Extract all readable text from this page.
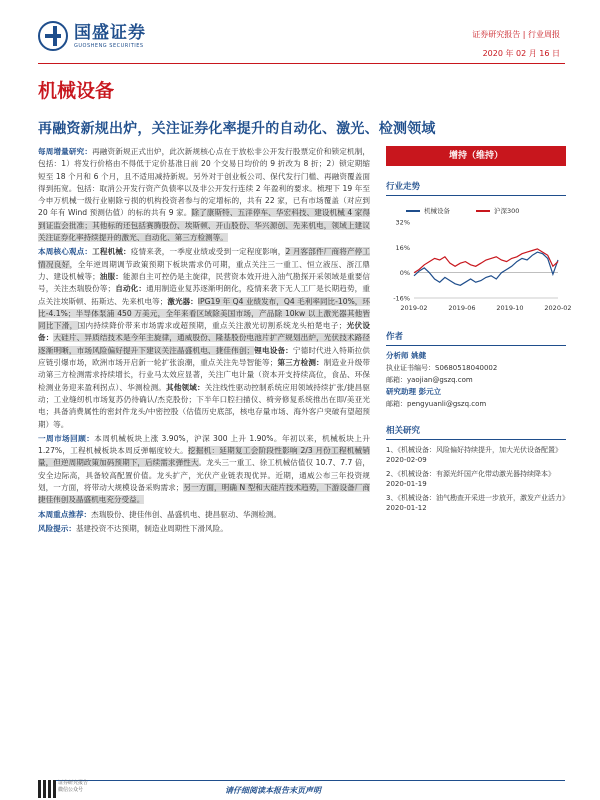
国盛证券
GUOSHENG SECURITIES
证券研究报告 | 行业周报
2020 年 02 月 16 日
机械设备
再融资新规出炉，关注证券化率提升的自动化、激光、检测领域

每周增量研究：再融资新规正式出炉，此次新规核心点在于放松非公开发行股票定价和锁定机制，包括：1）将发行价格由不得低于定价基准日前 20 个交易日均价的 9 折改为 8 折；2）锁定期缩短至 18 个月和 6 个月，且不适用减持新规。另外对于创业板公司、保代发行门槛、再融资覆盖面得到拓宽。包括：取消公开发行资产负债率以及非公开发行连续 2 年盈利的要求。梳理下 19 年至今申万机械一级行业剔除亏损的机构投资者参与的定增标的，共有 22 家，已有市场覆盖（对应到 20 年有 Wind 预测估值）的标的共有 9 家。除了康斯特、五洋停车、华宏科技、建设机械 4 家得到证监会批准；其他标的还包括赛腾股份、埃斯顿、开山股份、华兴源创、先来机电，领域上建议关注证券化率持续提升的激光、自动化、第三方检测等。

本周核心观点：工程机械：疫情来袭，一季度业绩或受到一定程度影响，2 月客部件厂商将产停工情况良好，全年逆周期调节政策预期下板块需求仍可期，重点关注三一重工、恒立液压、浙江鼎力、建设机械等；油服：能源自主可控仍是主旋律，民营资本效开进入油气勘探开采领域是重要信号，关注杰瑞股份等；自动化：通用制造业复苏逐渐明朗化，疫情来袭下无人工厂是长期趋势，重点关注埃斯顿、拓斯达、先来机电等；激光器：IPG19 年 Q4 业绩发布，Q4 毛利率同比-10%，环比-4.1%；半导体泵浦 450 万美元，全年来看区域除美国市场，产品除 10kw 以上激光器其他皆同比下滑，国内持续降价带来市场需求或超预期，重点关注激光切割系统龙头柏楚电子；光伏设备：大硅片、异质结技术是今年主旋律，通威股份、隆基股份电池片扩产规划出炉，光伏技术路径逐渐明晰，市场风险偏好提升下建议关注晶盛机电、捷佳伟创；锂电设备：宁德时代进入特斯拉供应链引爆市场，欧洲市场开启新一轮扩张浪潮，重点关注先导智能等；第三方检测：制造业升级带动第三方检测需求持续增长，行业马太效应显著，关注广电计量（资本开支持续高位，食品、环保检测业务迎来盈利拐点）、华测检测。其他领域：关注线性驱动控制系统应用领域持续扩张/捷昌驱动；工业缝纫机市场复苏仍待确认/杰克股份；下半年口腔扫描仪、椅旁修复系统推出在即/美亚光电；具备消费属性的密封件龙头/中密控股（估值历史底部，核电存量市场、海外客户突破有望超预期）等。

一周市场回顾：本周机械板块上涨 3.90%，沪深 300 上升 1.90%。年初以来，机械板块上升 1.27%，工程机械板块本周反弹幅度较大。挖掘机：延期复工会阶段性影响 2/3 月份工程机械销量，但逆周期政策加码预期下，后续需求弹性大。龙头三一重工、徐工机械估值仅 10.7、7.7 倍，安全边际高，具备较高配置价值。龙头扩产，光伏产业链表现优异。近期，通威公布三年投资规划，一方面，将带动大规模设备采购需求；另一方面，明确 N 型和大硅片技术趋势，下游设备厂商捷佳伟创及晶盛机电充分受益。

本周重点推荐：杰瑞股份、捷佳伟创、晶盛机电、捷昌驱动、华测检测。

风险提示：基建投资不达预期，制造业周期性下滑风险。

增持（维持）
行业走势
32%
16%
0%
-16%
2019-02	2019-06	2019-10	2020-02
机械设备	沪深300
作者
分析师 姚健
执业证书编号：S0680518040002
邮箱：yaojian@gszq.com
研究助理 彭元立
邮箱：pengyuanli@gszq.com
相关研究
1、《机械设备：风险偏好持续提升，加大光伏设备配置》
2020-02-09
2、《机械设备：有源光纤国产化带动激光器持续降本》
2020-01-19
3、《机械设备：油气勘查开采进一步放开，激发产业活力》
2020-01-12
证券研究报告
微信公众号	请仔细阅读本报告末页声明
